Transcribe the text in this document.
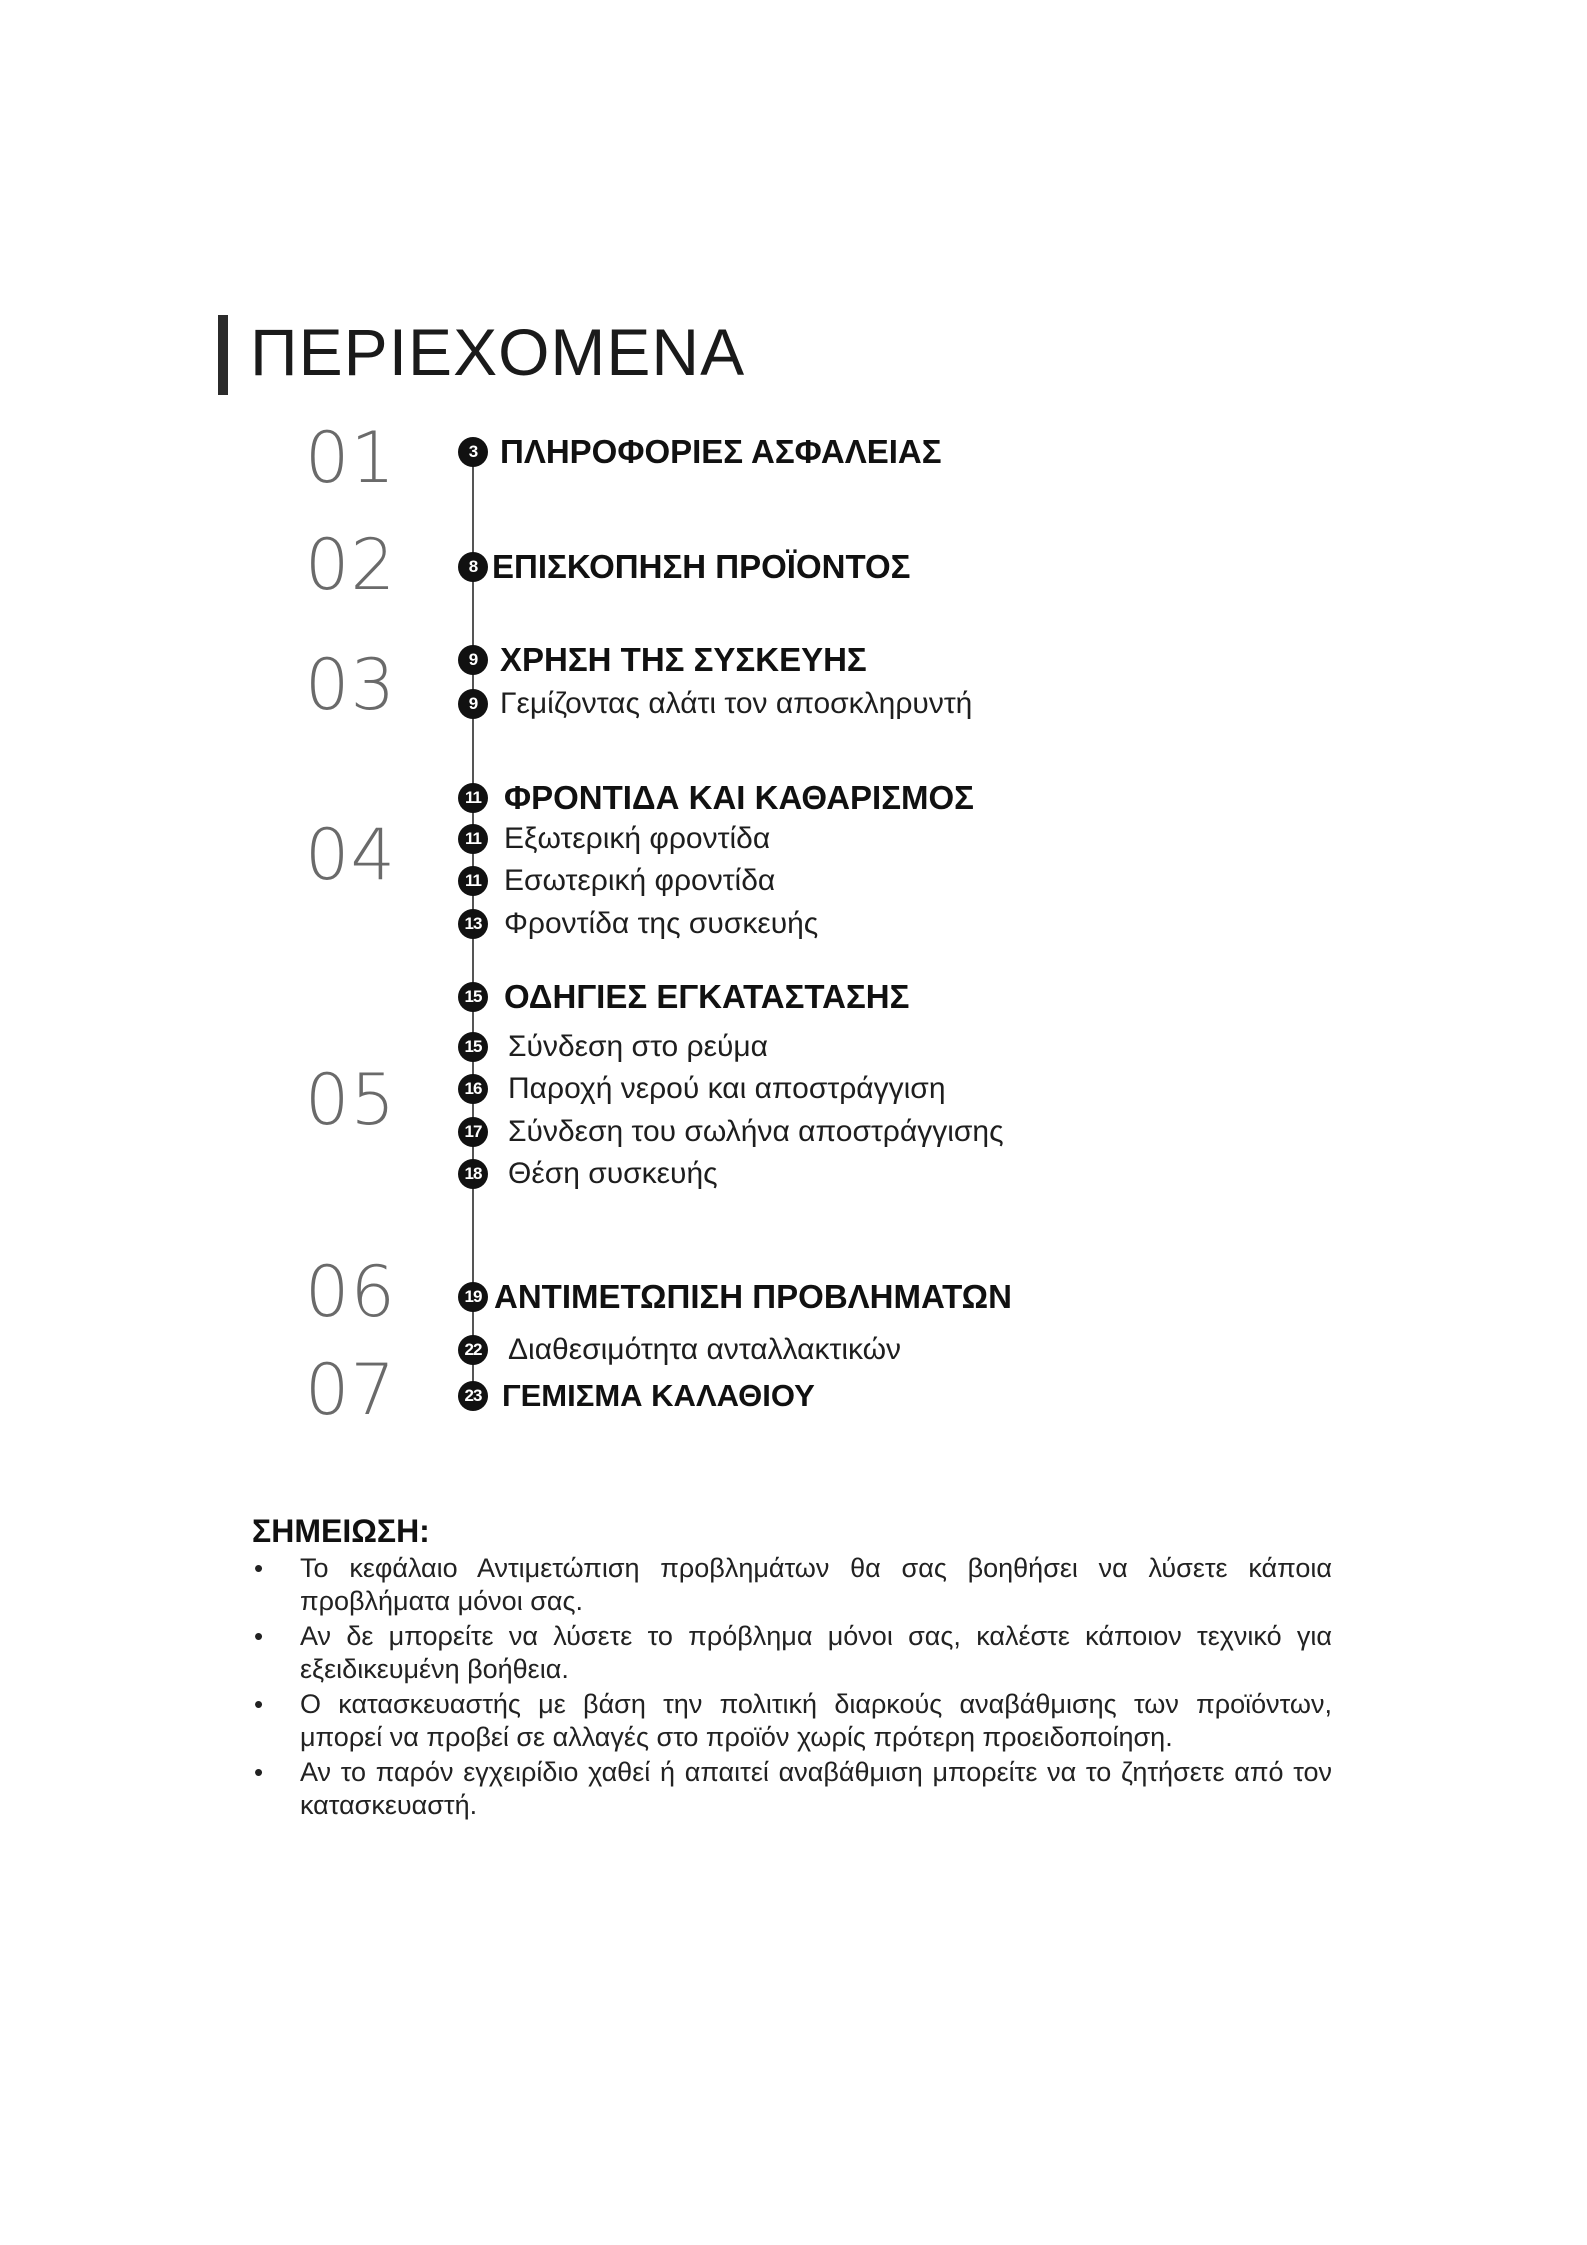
ΠΕΡΙΕΧΟΜΕΝΑ
01
02
03
04
05
06
07
3 ΠΛΗΡΟΦΟΡΙΕΣ ΑΣΦΑΛΕΙΑΣ
8 ΕΠΙΣΚΟΠΗΣΗ ΠΡΟΪΟΝΤΟΣ
9 ΧΡΗΣΗ ΤΗΣ ΣΥΣΚΕΥΗΣ
9 Γεμίζοντας αλάτι τον αποσκληρυντή
11 ΦΡΟΝΤΙΔΑ ΚΑΙ ΚΑΘΑΡΙΣΜΟΣ
11 Εξωτερική φροντίδα
11 Εσωτερική φροντίδα
13 Φροντίδα της συσκευής
15 ΟΔΗΓΙΕΣ ΕΓΚΑΤΑΣΤΑΣΗΣ
15 Σύνδεση στο ρεύμα
16 Παροχή νερού και αποστράγγιση
17 Σύνδεση του σωλήνα αποστράγγισης
18 Θέση συσκευής
19 ΑΝΤΙΜΕΤΩΠΙΣΗ ΠΡΟΒΛΗΜΑΤΩΝ
22 Διαθεσιμότητα ανταλλακτικών
23 ΓΕΜΙΣΜΑ ΚΑΛΑΘΙΟΥ
ΣΗΜΕΙΩΣΗ:
• Το κεφάλαιο Αντιμετώπιση προβλημάτων θα σας βοηθήσει να λύσετε κάποια προβλήματα μόνοι σας.
• Αν δε μπορείτε να λύσετε το πρόβλημα μόνοι σας, καλέστε κάποιον τεχνικό για εξειδικευμένη βοήθεια.
• Ο κατασκευαστής με βάση την πολιτική διαρκούς αναβάθμισης των προϊόντων, μπορεί να προβεί σε αλλαγές στο προϊόν χωρίς πρότερη προειδοποίηση.
• Αν το παρόν εγχειρίδιο χαθεί ή απαιτεί αναβάθμιση μπορείτε να το ζητήσετε από τον κατασκευαστή.
